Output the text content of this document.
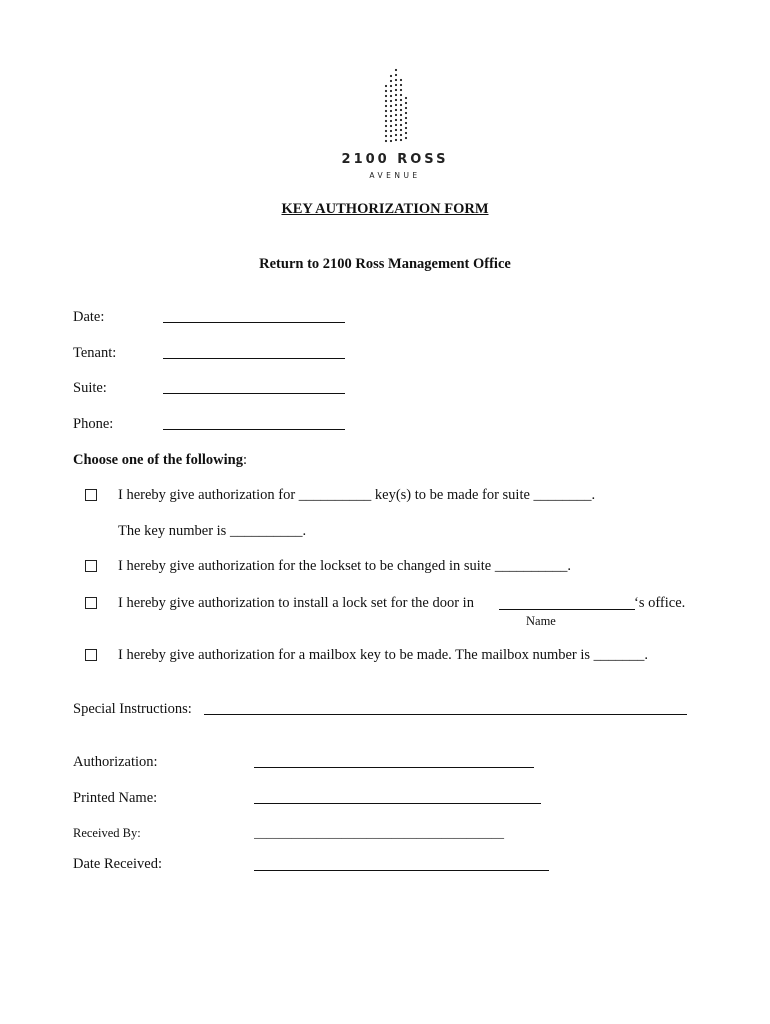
2100 ROSS
AVENUE
KEY AUTHORIZATION FORM
Return to 2100 Ross Management Office
Date:
Tenant:
Suite:
Phone:
Choose one of the following:
I hereby give authorization for __________ key(s) to be made for suite ________.
The key number is __________.
I hereby give authorization for the lockset to be changed in suite __________.
I hereby give authorization to install a lock set for the door in	‘s office.
Name
I hereby give authorization for a mailbox key to be made. The mailbox number is _______.
Special Instructions:
Authorization:
Printed Name:
Received By:	________________________________________
Date Received:
